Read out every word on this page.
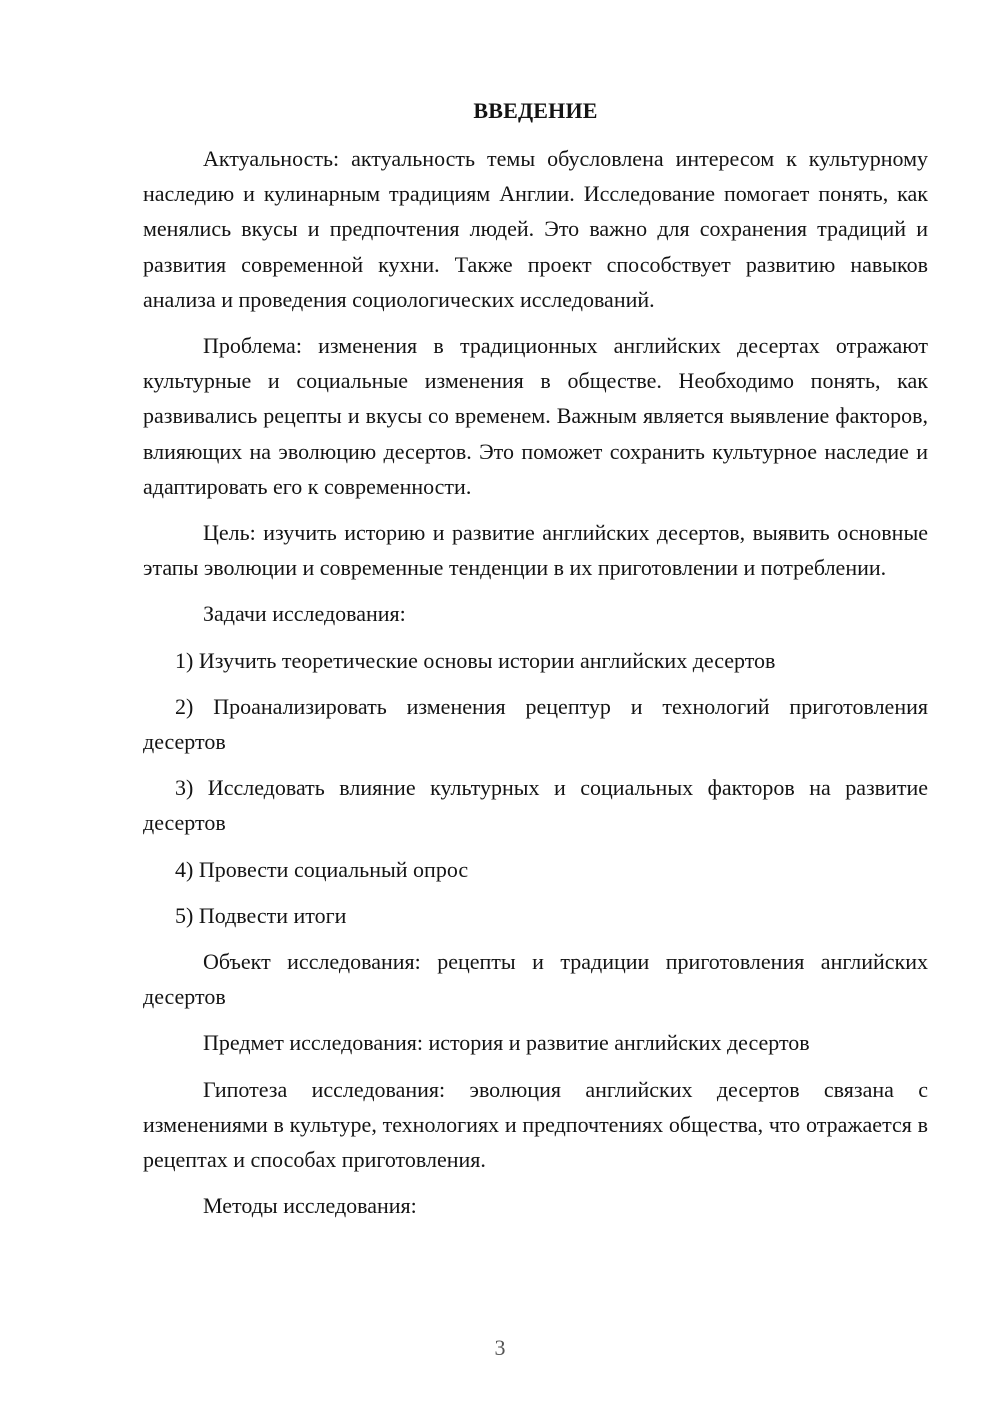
ВВЕДЕНИЕ

Актуальность: актуальность темы обусловлена интересом к культурному наследию и кулинарным традициям Англии. Исследование помогает понять, как менялись вкусы и предпочтения людей. Это важно для сохранения традиций и развития современной кухни. Также проект способствует развитию навыков анализа и проведения социологических исследований.

Проблема: изменения в традиционных английских десертах отражают культурные и социальные изменения в обществе. Необходимо понять, как развивались рецепты и вкусы со временем. Важным является выявление факторов, влияющих на эволюцию десертов. Это поможет сохранить культурное наследие и адаптировать его к современности.

Цель: изучить историю и развитие английских десертов, выявить основные этапы эволюции и современные тенденции в их приготовлении и потреблении.

Задачи исследования:

1) Изучить теоретические основы истории английских десертов

2) Проанализировать изменения рецептур и технологий приготовления десертов

3) Исследовать влияние культурных и социальных факторов на развитие десертов

4) Провести социальный опрос

5) Подвести итоги

Объект исследования: рецепты и традиции приготовления английских десертов

Предмет исследования: история и развитие английских десертов

Гипотеза исследования: эволюция английских десертов связана с изменениями в культуре, технологиях и предпочтениях общества, что отражается в рецептах и способах приготовления.

Методы исследования:

3
